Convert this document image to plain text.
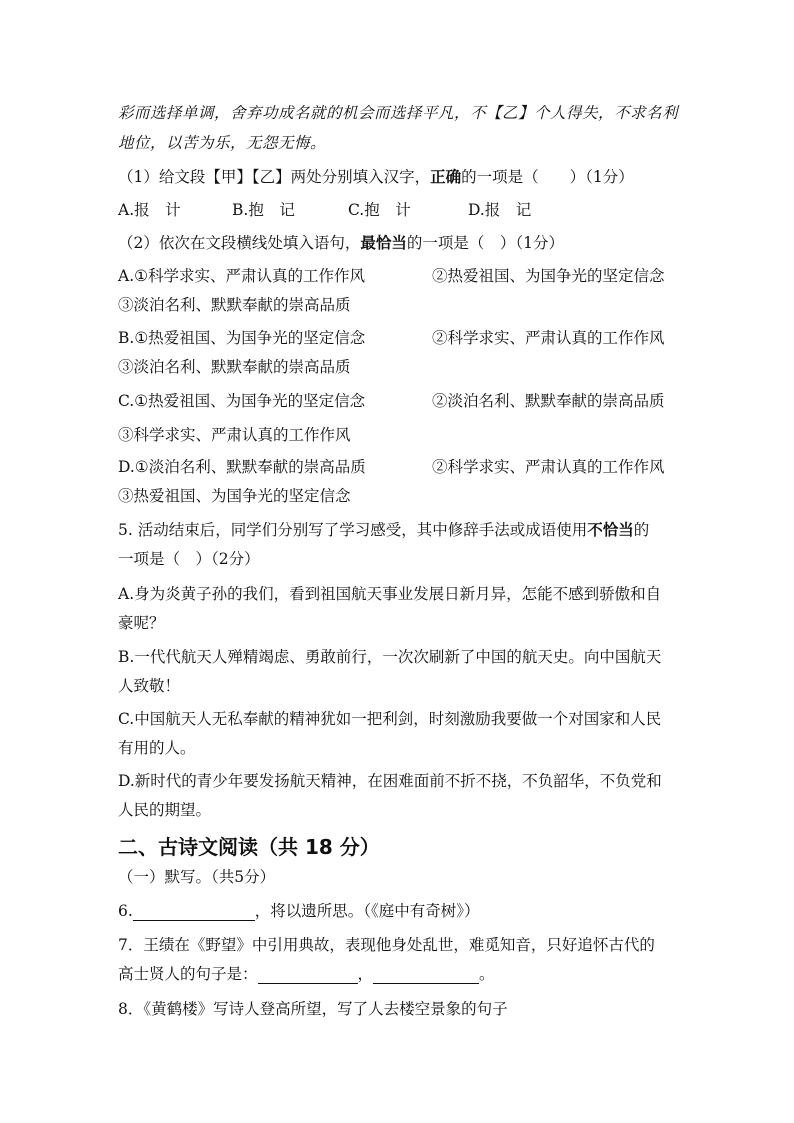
彩而选择单调，舍弃功成名就的机会而选择平凡，不【乙】个人得失，不求名利
地位，以苦为乐，无怨无悔。
（1）给文段【甲】【乙】两处分别填入汉字，正确的一项是（　　）（1分）
A.报　计	B.抱　记	C.抱　计	D.报　记
（2）依次在文段横线处填入语句，最恰当的一项是（　）（1分）
A.①科学求实、严肃认真的工作作风	②热爱祖国、为国争光的坚定信念
③淡泊名利、默默奉献的崇高品质
B.①热爱祖国、为国争光的坚定信念	②科学求实、严肃认真的工作作风
③淡泊名利、默默奉献的崇高品质
C.①热爱祖国、为国争光的坚定信念	②淡泊名利、默默奉献的崇高品质
③科学求实、严肃认真的工作作风
D.①淡泊名利、默默奉献的崇高品质	②科学求实、严肃认真的工作作风
③热爱祖国、为国争光的坚定信念
5. 活动结束后，同学们分别写了学习感受，其中修辞手法或成语使用不恰当的
一项是（　）（2分）
A.身为炎黄子孙的我们，看到祖国航天事业发展日新月异，怎能不感到骄傲和自
豪呢？
B.一代代航天人殚精竭虑、勇敢前行，一次次刷新了中国的航天史。向中国航天
人致敬！
C.中国航天人无私奉献的精神犹如一把利剑，时刻激励我要做一个对国家和人民
有用的人。
D.新时代的青少年要发扬航天精神，在困难面前不折不挠，不负韶华，不负党和
人民的期望。
二、古诗文阅读（共 18 分）
（一）默写。（共5分）
6.	，将以遗所思。（《庭中有奇树》）
7．王绩在《野望》中引用典故，表现他身处乱世，难觅知音，只好追怀古代的
高士贤人的句子是：	，	。
8．《黄鹤楼》写诗人登高所望，写了人去楼空景象的句子
